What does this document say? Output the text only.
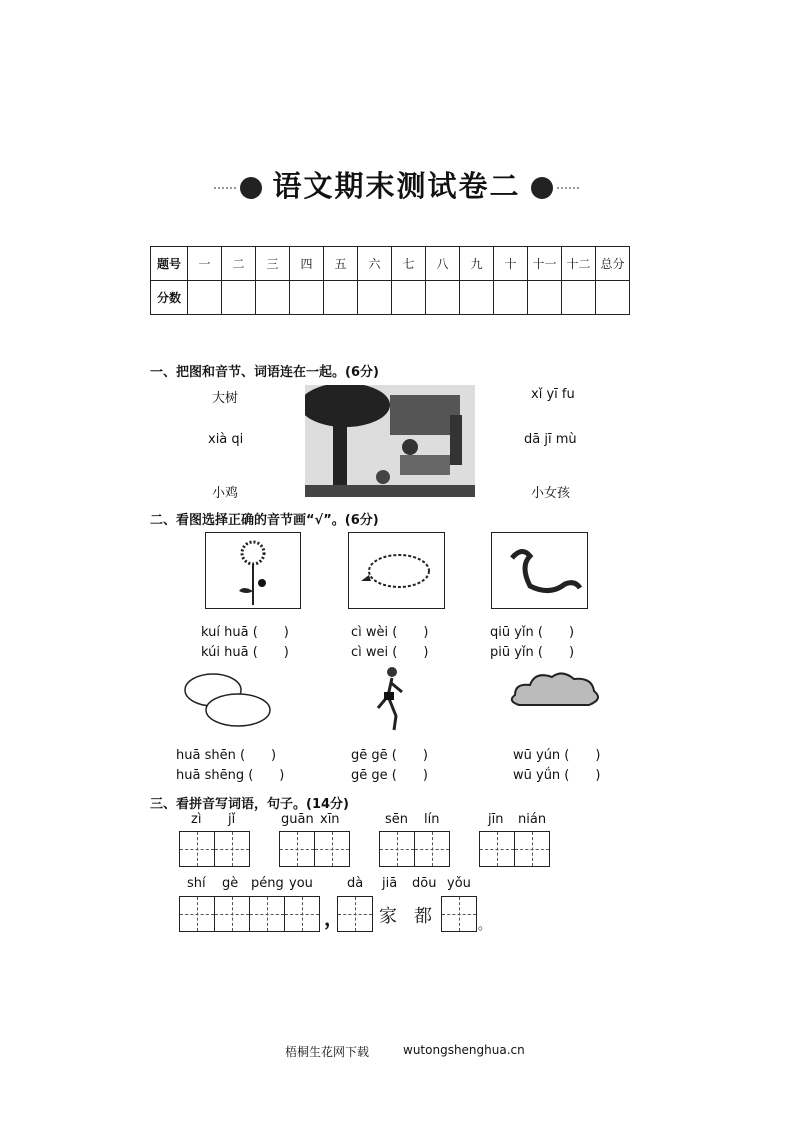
语文期末测试卷二
题号	一	二	三	四	五	六	七	八	九	十	十一	十二	总分
分数													
一、把图和音节、词语连在一起。(6分)
大树
xià qi
小鸡
xǐ yī fu
dā jī mù
小女孩
二、看图选择正确的音节画“√”。(6分)
kuí huā (　　)
kúi huā (　　)
cì wèi (　　)
cì wei (　　)
qiū yǐn (　　)
piū yǐn (　　)
huā shēn (　　)
huā shēng (　　)
gē gē (　　)
gē ge (　　)
wū yún (　　)
wū yǘn (　　)
三、看拼音写词语，句子。(14分)
zì jǐ	guān xīn	sēn lín	jīn nián
shí gè péng you	dà jiā dōu yǒu
， 家 都	。
梧桐生花网下载	wutongshenghua.cn
